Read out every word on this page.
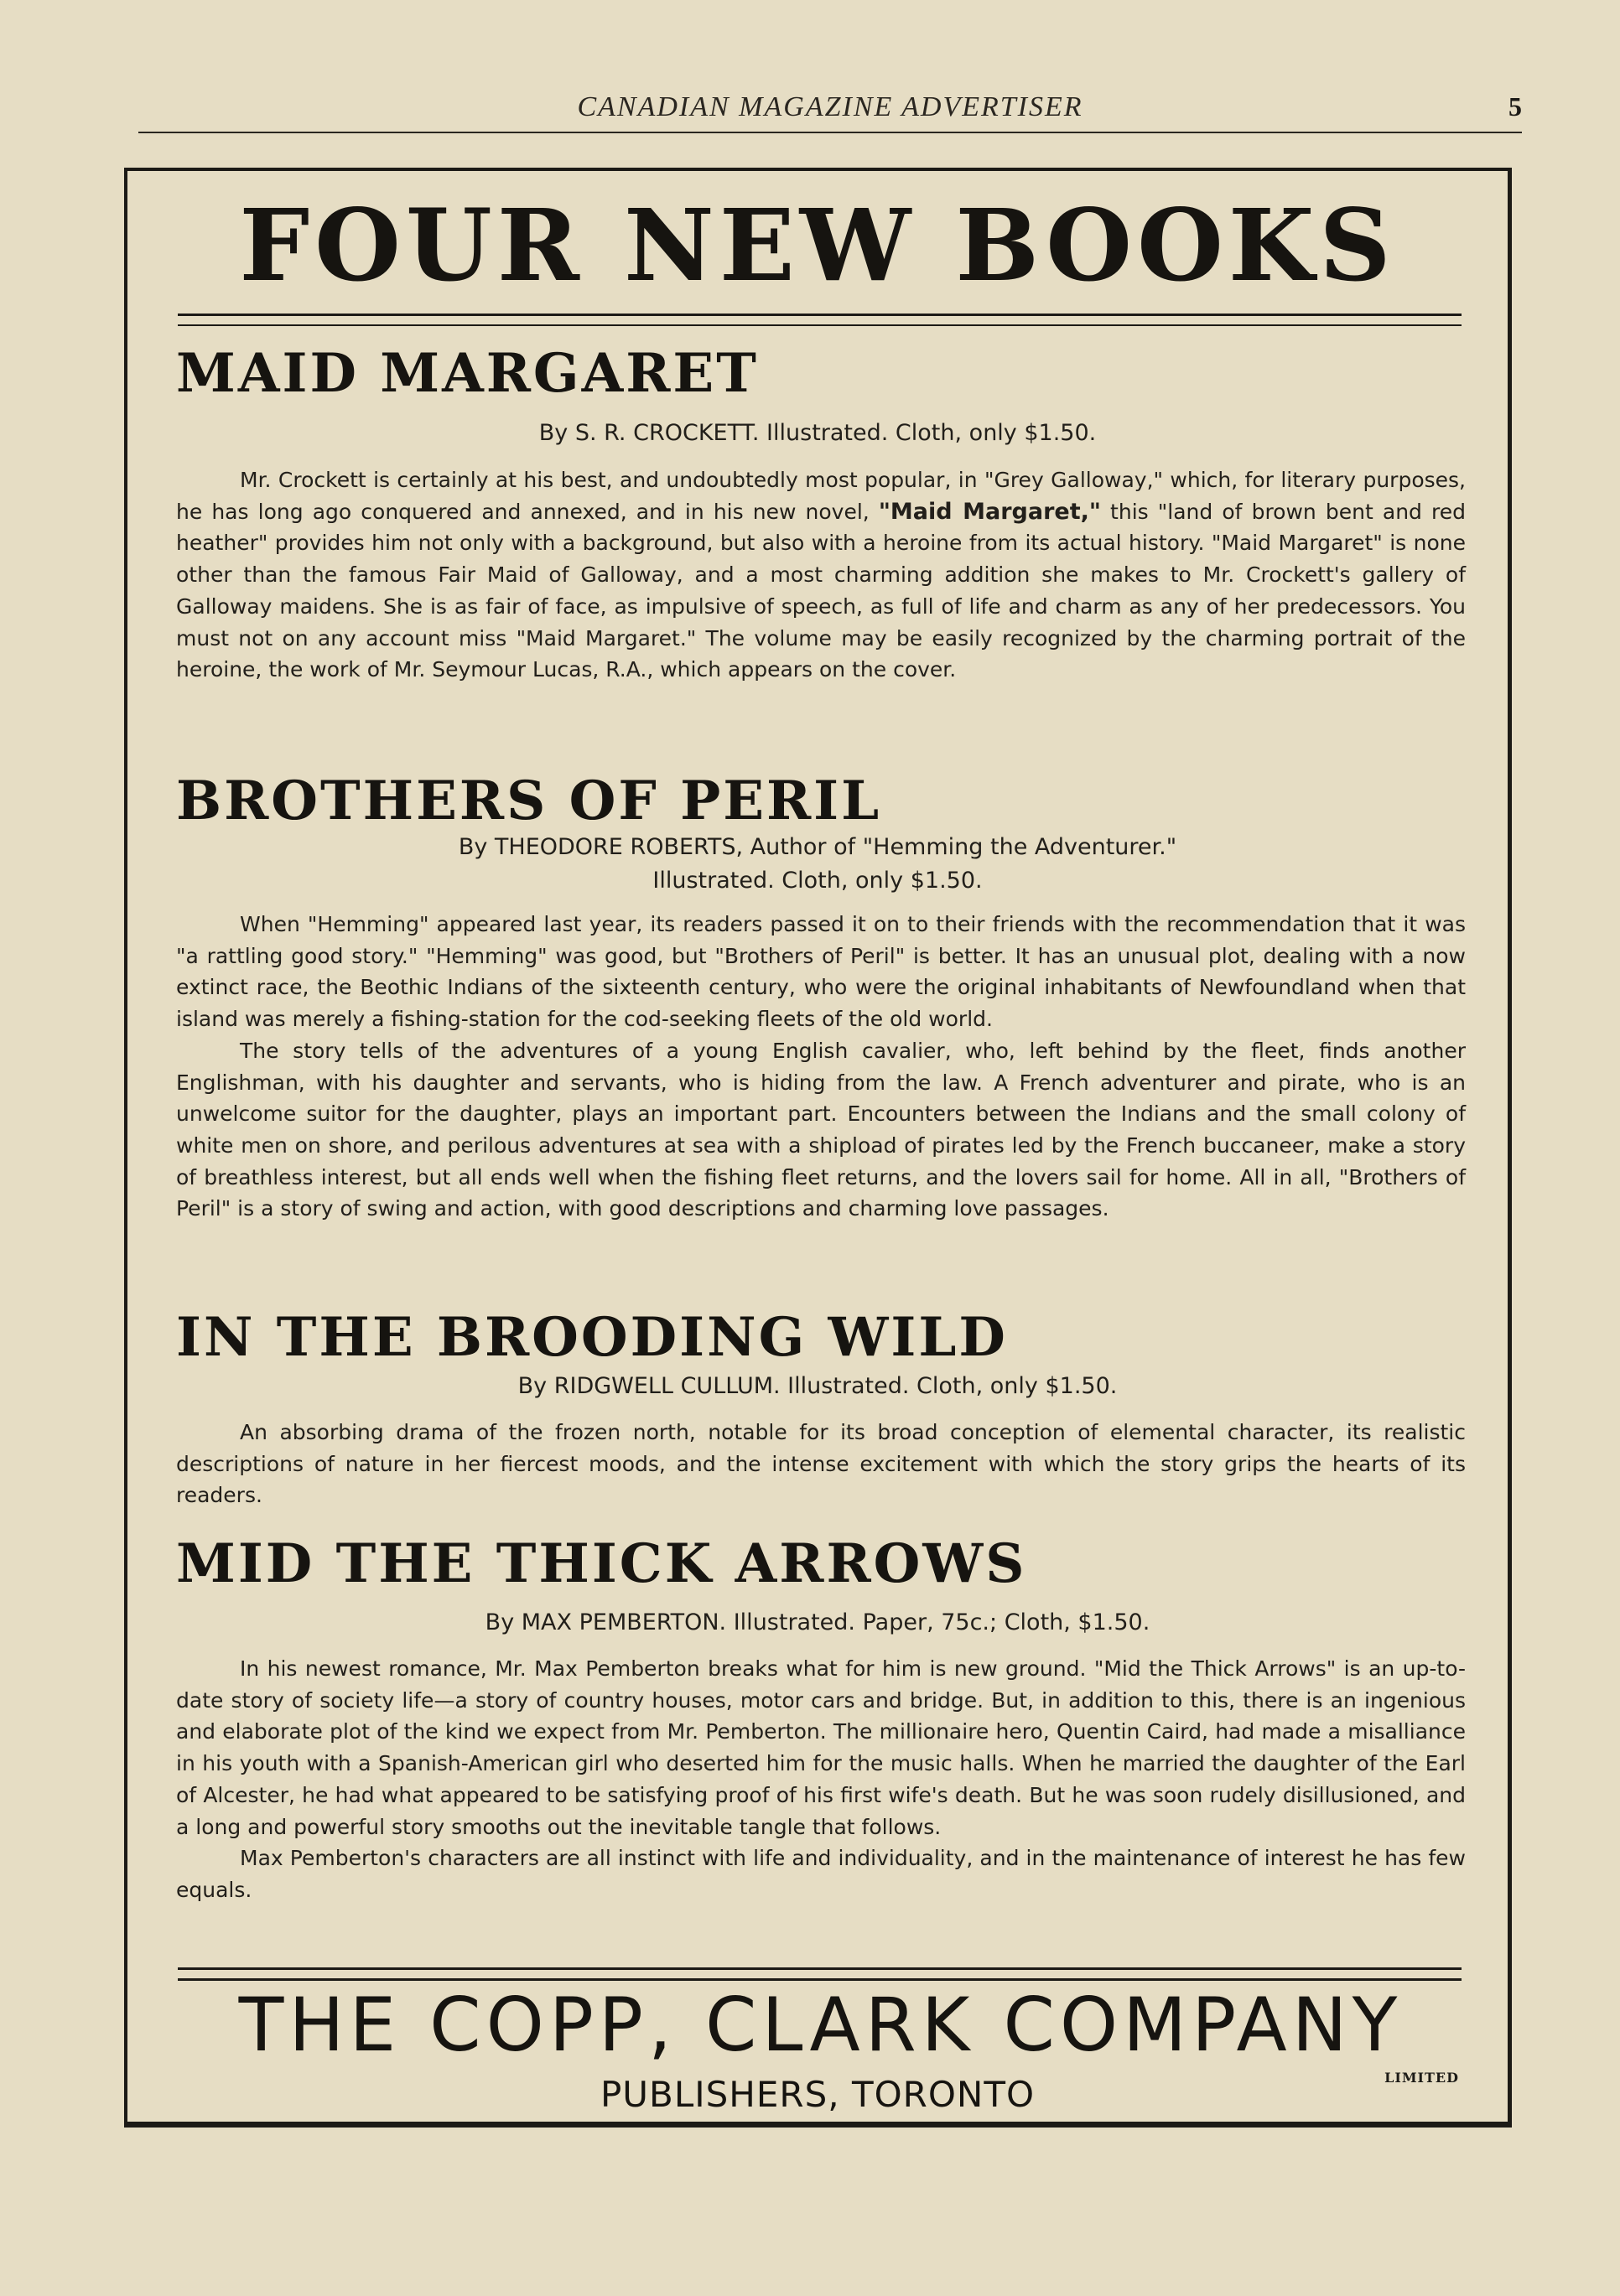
CANADIAN MAGAZINE ADVERTISER	5
FOUR NEW BOOKS
MAID MARGARET
By S. R. CROCKETT. Illustrated. Cloth, only $1.50.

Mr. Crockett is certainly at his best, and undoubtedly most popular, in "Grey Galloway," which, for literary purposes, he has long ago conquered and annexed, and in his new novel, "Maid Margaret," this "land of brown bent and red heather" provides him not only with a background, but also with a heroine from its actual history. "Maid Margaret" is none other than the famous Fair Maid of Galloway, and a most charming addition she makes to Mr. Crockett's gallery of Galloway maidens. She is as fair of face, as impulsive of speech, as full of life and charm as any of her predecessors. You must not on any account miss "Maid Margaret." The volume may be easily recognized by the charming portrait of the heroine, the work of Mr. Seymour Lucas, R.A., which appears on the cover.

BROTHERS OF PERIL
By THEODORE ROBERTS, Author of "Hemming the Adventurer."
Illustrated. Cloth, only $1.50.

When "Hemming" appeared last year, its readers passed it on to their friends with the recommendation that it was "a rattling good story." "Hemming" was good, but "Brothers of Peril" is better. It has an unusual plot, dealing with a now extinct race, the Beothic Indians of the sixteenth century, who were the original inhabitants of Newfoundland when that island was merely a fishing-station for the cod-seeking fleets of the old world.

The story tells of the adventures of a young English cavalier, who, left behind by the fleet, finds another Englishman, with his daughter and servants, who is hiding from the law. A French adventurer and pirate, who is an unwelcome suitor for the daughter, plays an important part. Encounters between the Indians and the small colony of white men on shore, and perilous adventures at sea with a shipload of pirates led by the French buccaneer, make a story of breathless interest, but all ends well when the fishing fleet returns, and the lovers sail for home. All in all, "Brothers of Peril" is a story of swing and action, with good descriptions and charming love passages.

IN THE BROODING WILD
By RIDGWELL CULLUM. Illustrated. Cloth, only $1.50.

An absorbing drama of the frozen north, notable for its broad conception of elemental character, its realistic descriptions of nature in her fiercest moods, and the intense excitement with which the story grips the hearts of its readers.

MID THE THICK ARROWS
By MAX PEMBERTON. Illustrated. Paper, 75c.; Cloth, $1.50.

In his newest romance, Mr. Max Pemberton breaks what for him is new ground. "Mid the Thick Arrows" is an up-to-date story of society life—a story of country houses, motor cars and bridge. But, in addition to this, there is an ingenious and elaborate plot of the kind we expect from Mr. Pemberton. The millionaire hero, Quentin Caird, had made a misalliance in his youth with a Spanish-American girl who deserted him for the music halls. When he married the daughter of the Earl of Alcester, he had what appeared to be satisfying proof of his first wife's death. But he was soon rudely disillusioned, and a long and powerful story smooths out the inevitable tangle that follows.

Max Pemberton's characters are all instinct with life and individuality, and in the maintenance of interest he has few equals.

THE COPP, CLARK COMPANY
PUBLISHERS, TORONTO	LIMITED
